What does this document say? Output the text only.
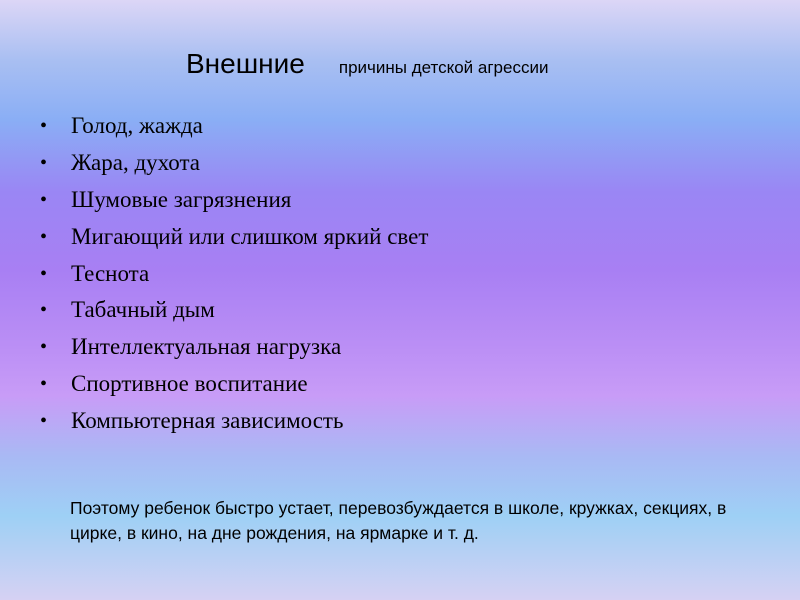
Внешние причины детской агрессии
• Голод, жажда
• Жара, духота
• Шумовые загрязнения
• Мигающий или слишком яркий свет
• Теснота
• Табачный дым
• Интеллектуальная нагрузка
• Спортивное воспитание
• Компьютерная зависимость

Поэтому ребенок быстро устает, перевозбуждается в школе, кружках, секциях, в цирке, в кино, на дне рождения, на ярмарке и т. д.
